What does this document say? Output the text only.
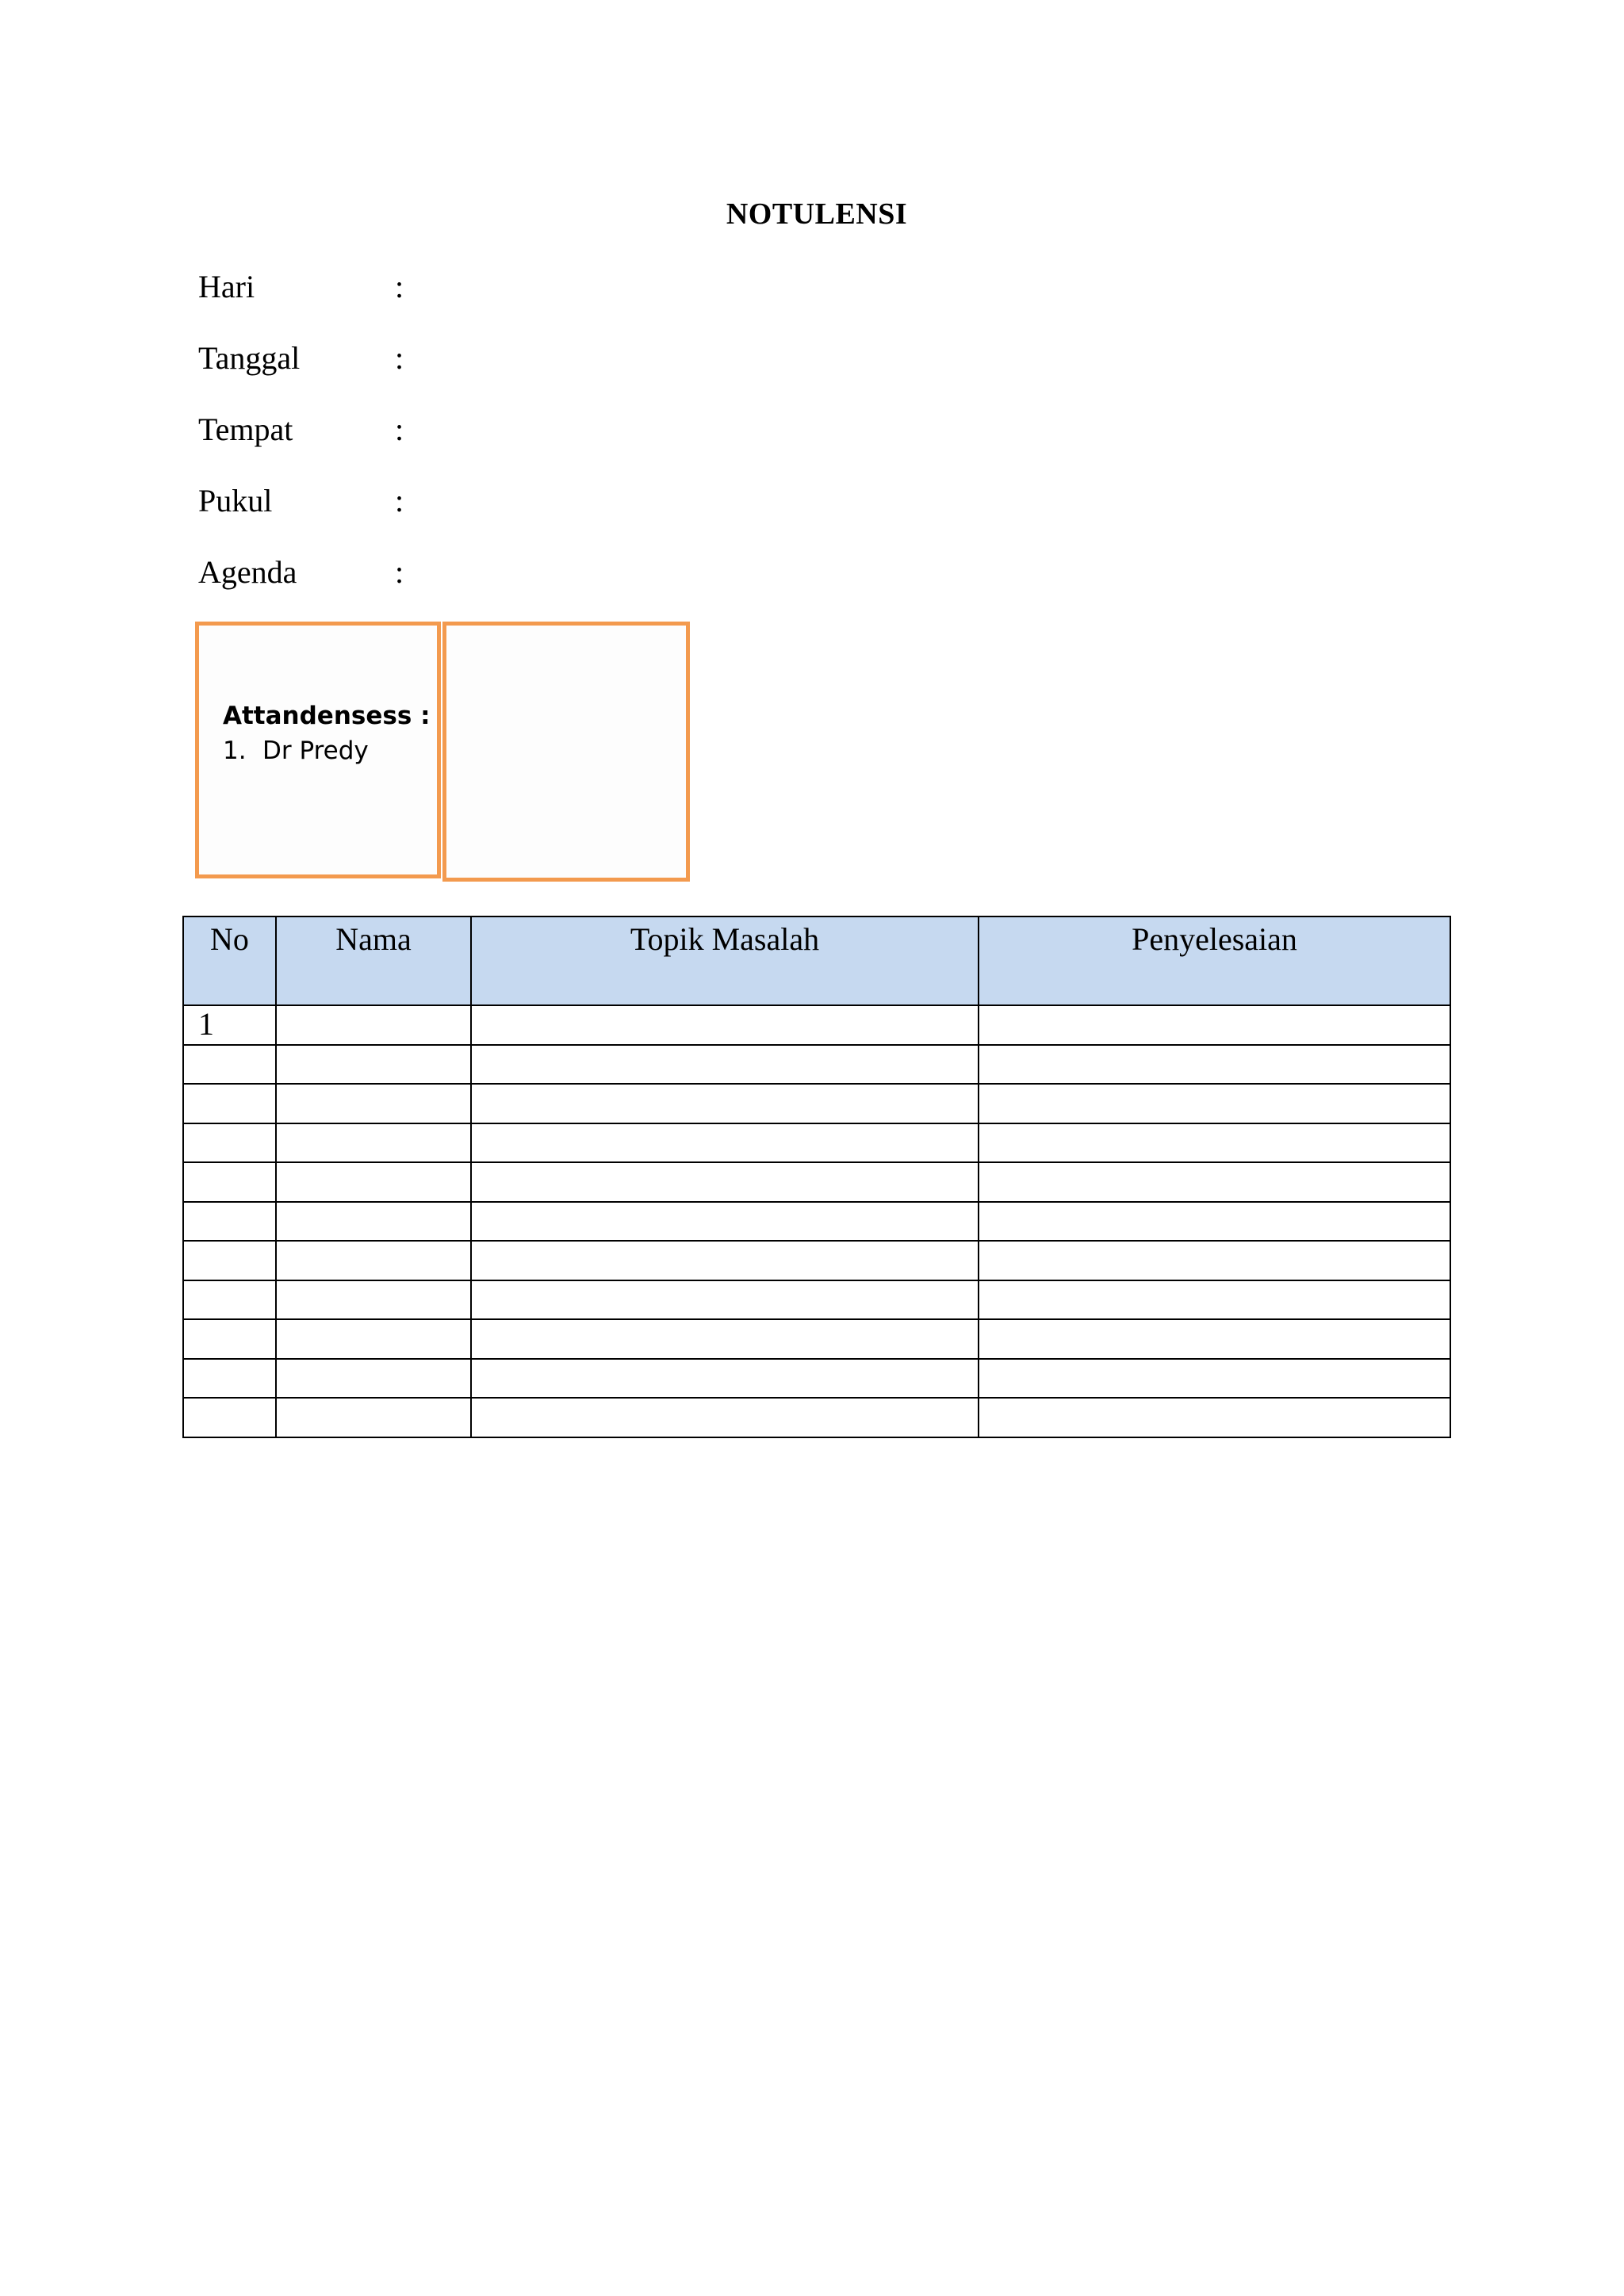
NOTULENSI
Hari	:
Tanggal	:
Tempat	:
Pukul	:
Agenda	:
Attandensess :
1. Dr Predy
No	Nama	Topik Masalah	Penyelesaian
1			
